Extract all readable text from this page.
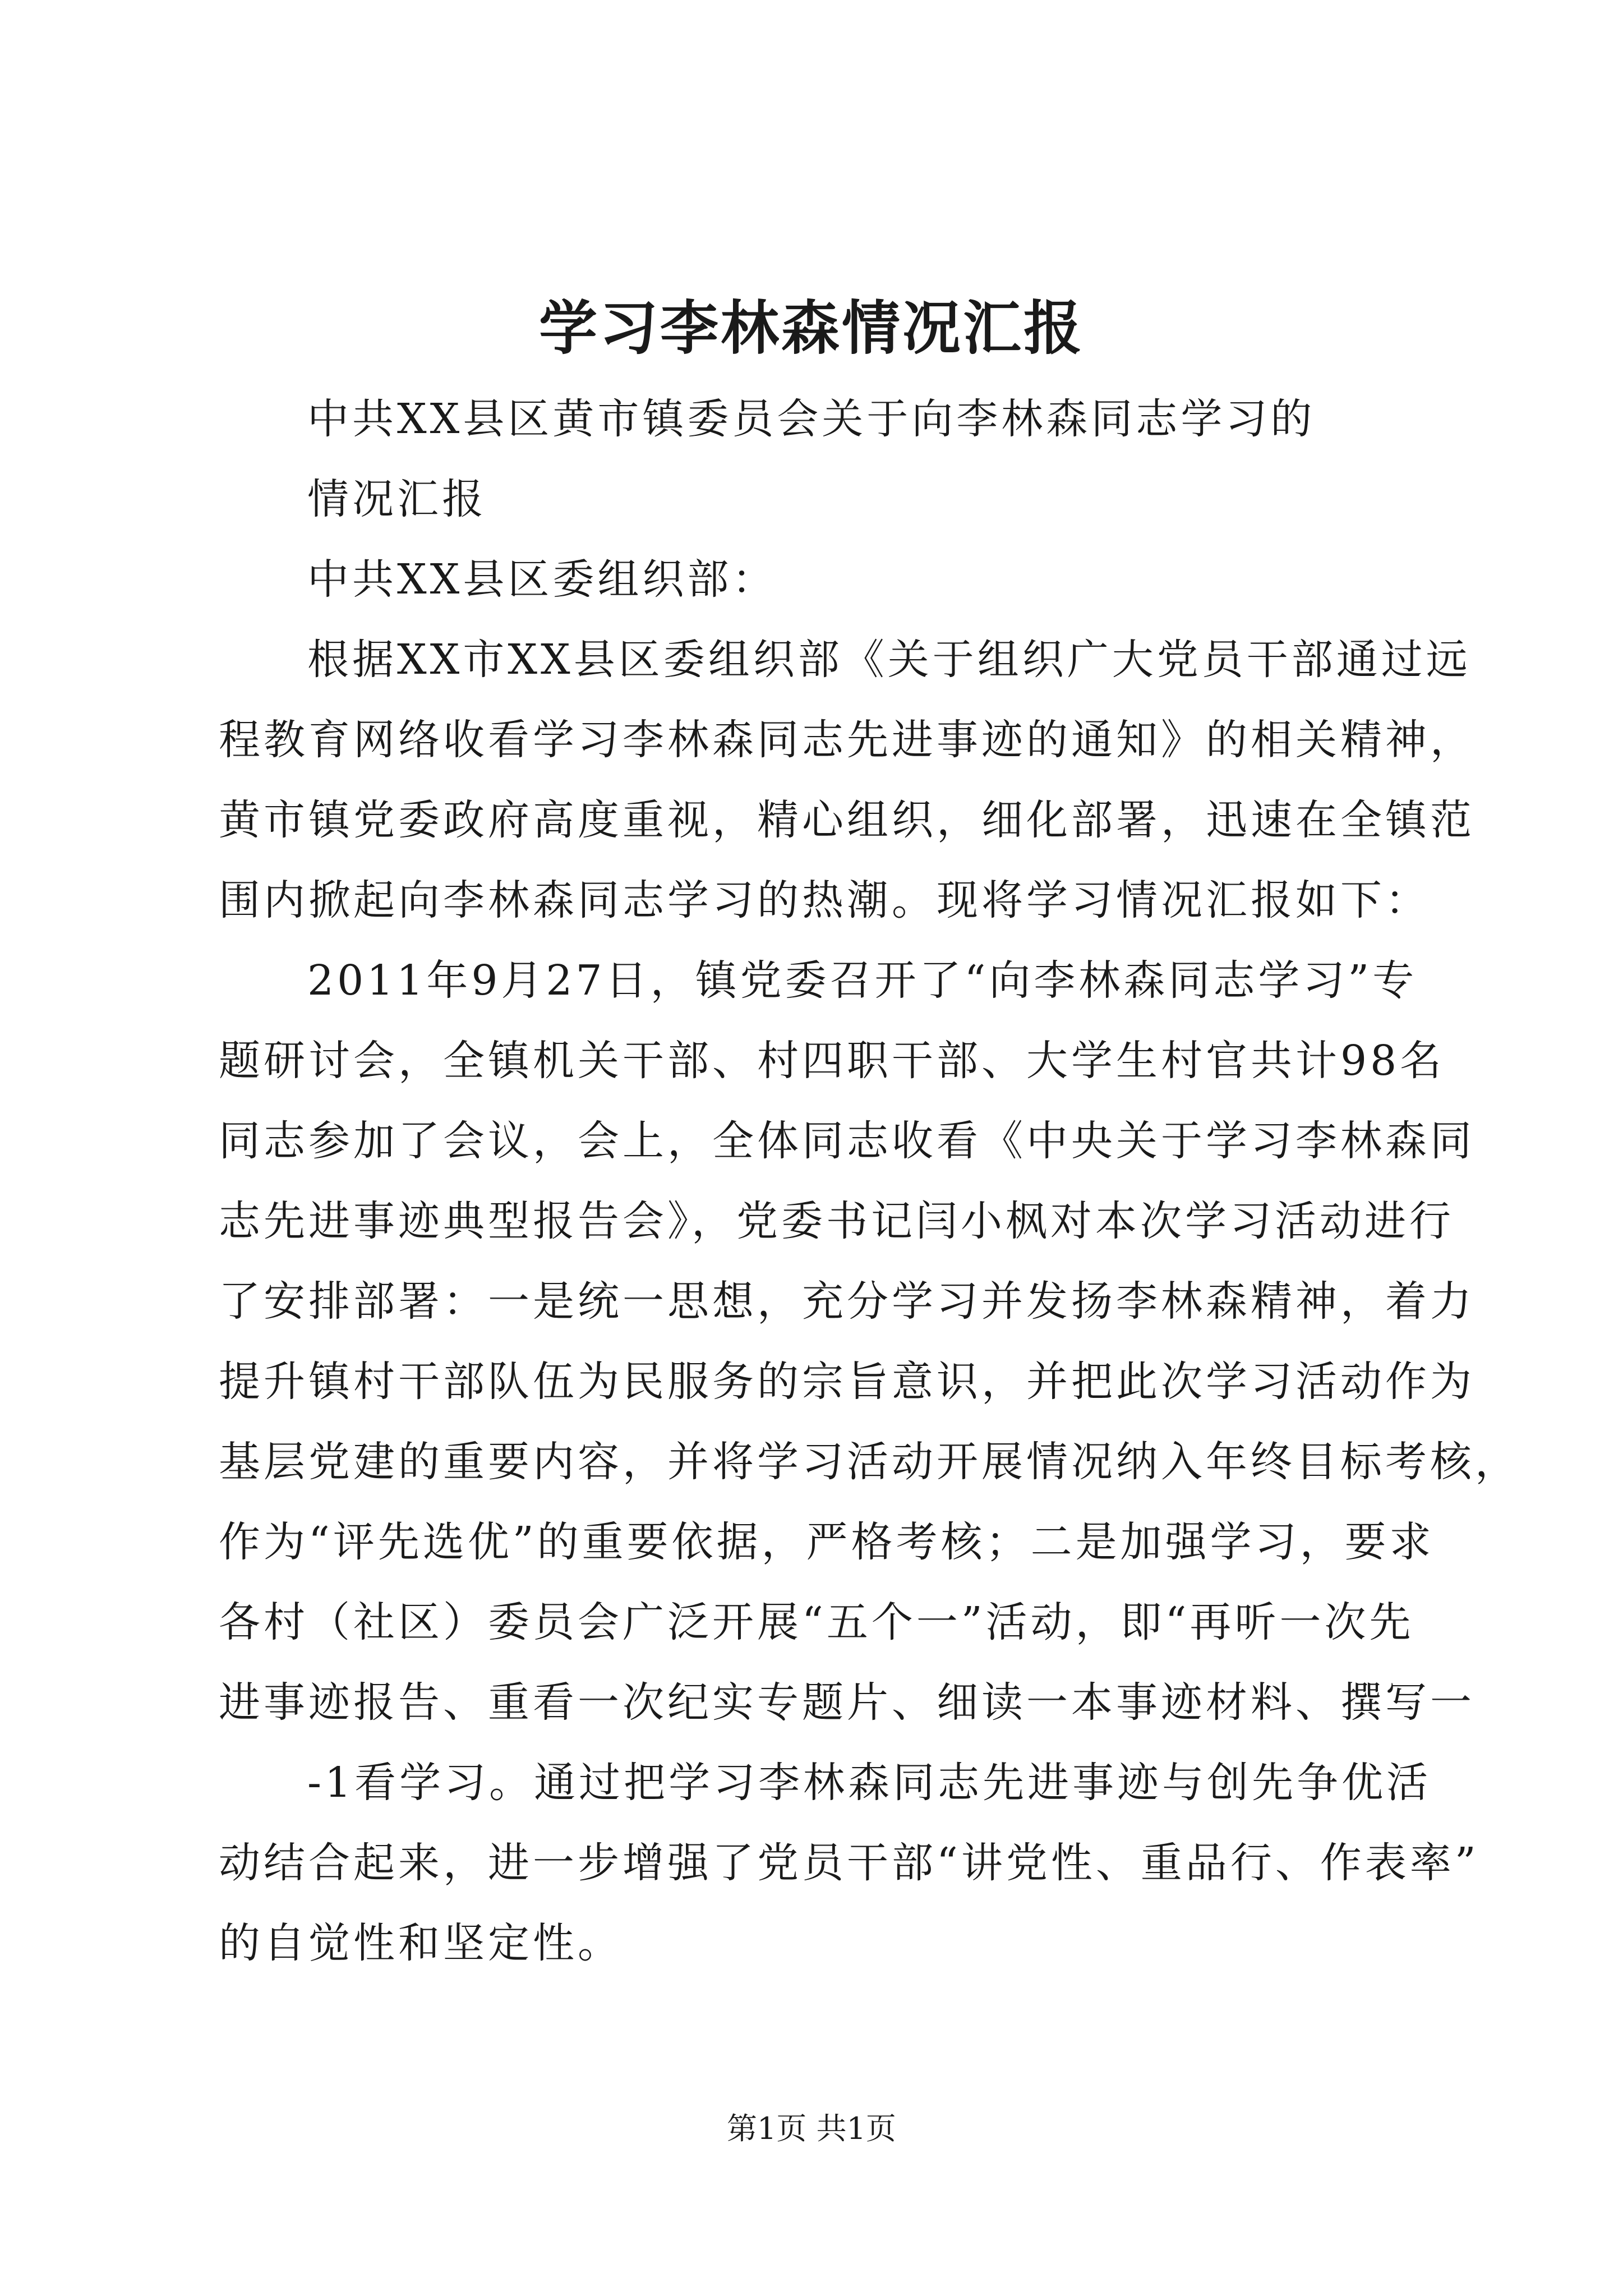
学习李林森情况汇报
中共XX县区黄市镇委员会关于向李林森同志学习的
情况汇报
中共XX县区委组织部：
根据XX市XX县区委组织部《关于组织广大党员干部通过远
程教育网络收看学习李林森同志先进事迹的通知》的相关精神，
黄市镇党委政府高度重视，精心组织，细化部署，迅速在全镇范
围内掀起向李林森同志学习的热潮。现将学习情况汇报如下：
2011年9月27日，镇党委召开了“向李林森同志学习”专
题研讨会，全镇机关干部、村四职干部、大学生村官共计98名
同志参加了会议，会上，全体同志收看《中央关于学习李林森同
志先进事迹典型报告会》，党委书记闫小枫对本次学习活动进行
了安排部署：一是统一思想，充分学习并发扬李林森精神，着力
提升镇村干部队伍为民服务的宗旨意识，并把此次学习活动作为
基层党建的重要内容，并将学习活动开展情况纳入年终目标考核，
作为“评先选优”的重要依据，严格考核；二是加强学习，要求
各村（社区）委员会广泛开展“五个一”活动，即“再听一次先
进事迹报告、重看一次纪实专题片、细读一本事迹材料、撰写一
-1看学习。通过把学习李林森同志先进事迹与创先争优活
动结合起来，进一步增强了党员干部“讲党性、重品行、作表率”
的自觉性和坚定性。
第1页 共1页
